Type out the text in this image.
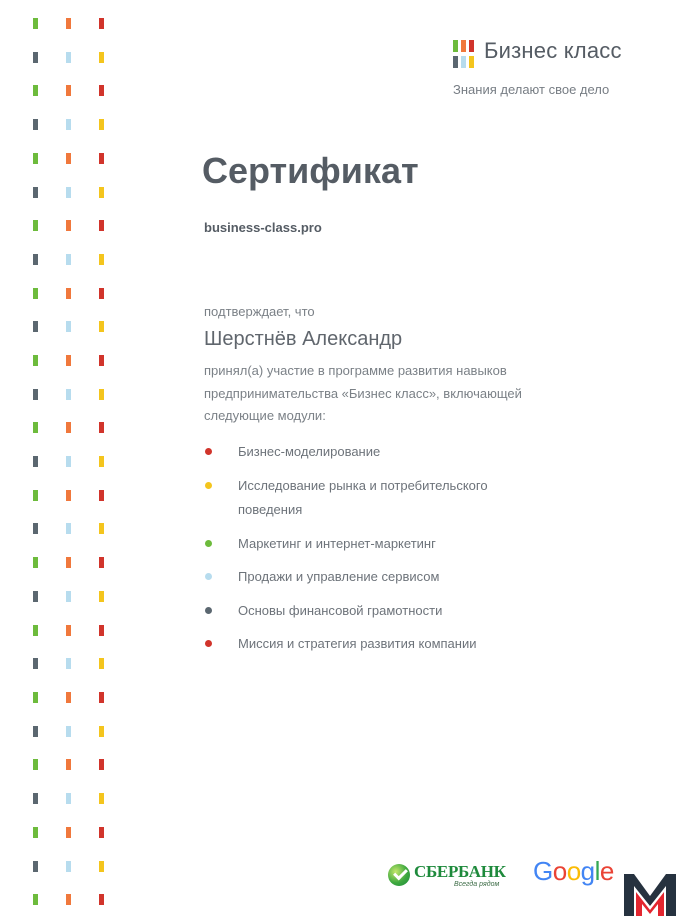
Бизнес класс
Знания делают свое дело
Сертификат
business-class.pro
подтверждает, что
Шерстнёв Александр
принял(а) участие в программе развития навыков предпринимательства «Бизнес класс», включающей следующие модули:
Бизнес-моделирование
Исследование рынка и потребительского поведения
Маркетинг и интернет-маркетинг
Продажи и управление сервисом
Основы финансовой грамотности
Миссия и стратегия развития компании
СБЕРБАНК
Всегда рядом Google
